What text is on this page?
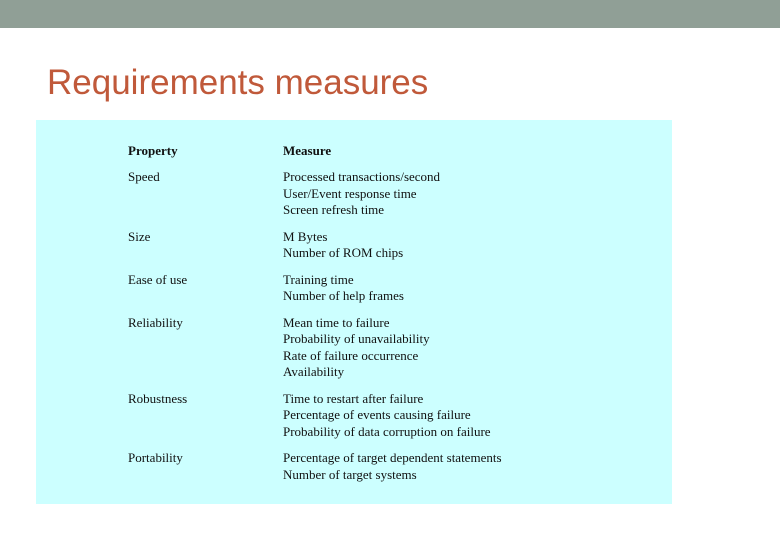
Requirements measures
Property	Measure
Speed	Processed transactions/second
User/Event response time
Screen refresh time
Size	M Bytes
Number of ROM chips
Ease of use	Training time
Number of help frames
Reliability	Mean time to failure
Probability of unavailability
Rate of failure occurrence
Availability
Robustness	Time to restart after failure
Percentage of events causing failure
Probability of data corruption on failure
Portability	Percentage of target dependent statements
Number of target systems
